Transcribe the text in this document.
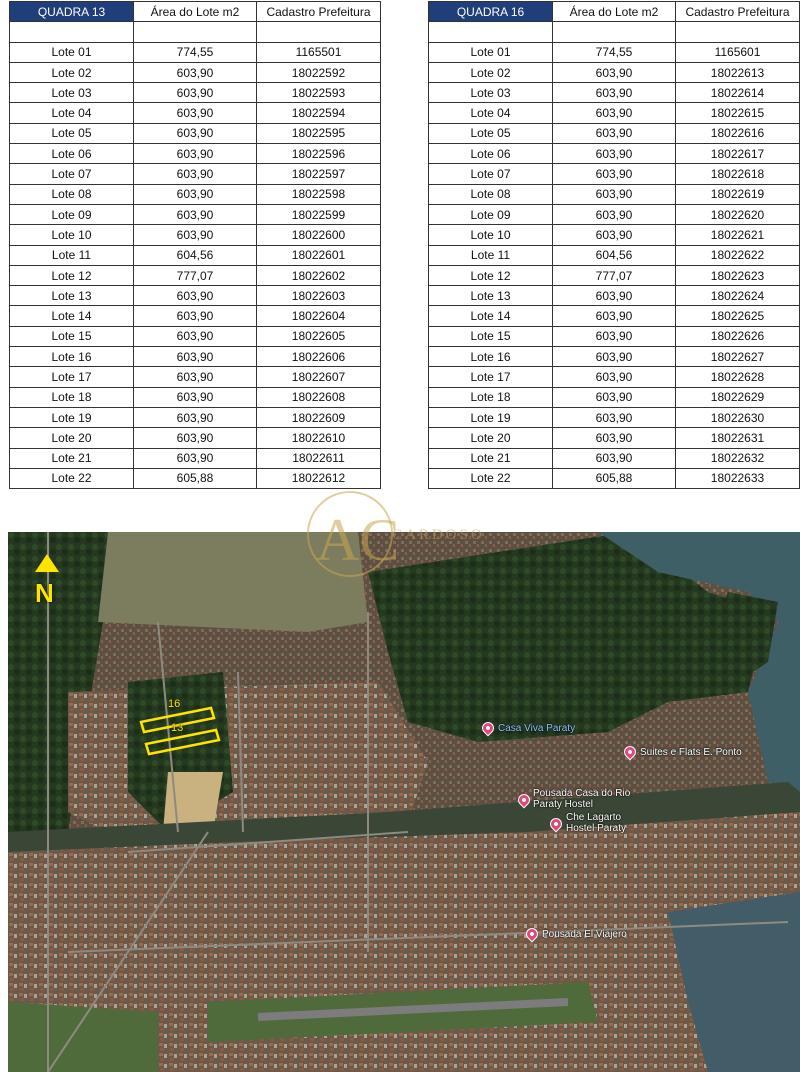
QUADRA 13	Área do Lote m2	Cadastro Prefeitura

Lote 01	774,55	1165501
Lote 02	603,90	18022592
Lote 03	603,90	18022593
Lote 04	603,90	18022594
Lote 05	603,90	18022595
Lote 06	603,90	18022596
Lote 07	603,90	18022597
Lote 08	603,90	18022598
Lote 09	603,90	18022599
Lote 10	603,90	18022600
Lote 11	604,56	18022601
Lote 12	777,07	18022602
Lote 13	603,90	18022603
Lote 14	603,90	18022604
Lote 15	603,90	18022605
Lote 16	603,90	18022606
Lote 17	603,90	18022607
Lote 18	603,90	18022608
Lote 19	603,90	18022609
Lote 20	603,90	18022610
Lote 21	603,90	18022611
Lote 22	605,88	18022612
QUADRA 16	Área do Lote m2	Cadastro Prefeitura

Lote 01	774,55	1165601
Lote 02	603,90	18022613
Lote 03	603,90	18022614
Lote 04	603,90	18022615
Lote 05	603,90	18022616
Lote 06	603,90	18022617
Lote 07	603,90	18022618
Lote 08	603,90	18022619
Lote 09	603,90	18022620
Lote 10	603,90	18022621
Lote 11	604,56	18022622
Lote 12	777,07	18022623
Lote 13	603,90	18022624
Lote 14	603,90	18022625
Lote 15	603,90	18022626
Lote 16	603,90	18022627
Lote 17	603,90	18022628
Lote 18	603,90	18022629
Lote 19	603,90	18022630
Lote 20	603,90	18022631
Lote 21	603,90	18022632
Lote 22	605,88	18022633
N
16
13	Casa Viva Paraty
Suites e Flats E. Ponto
Pousada Casa do Rio Paraty Hostel
Che Lagarto Hostel Paraty
Pousada El Viajero
AC
CARDOSO
